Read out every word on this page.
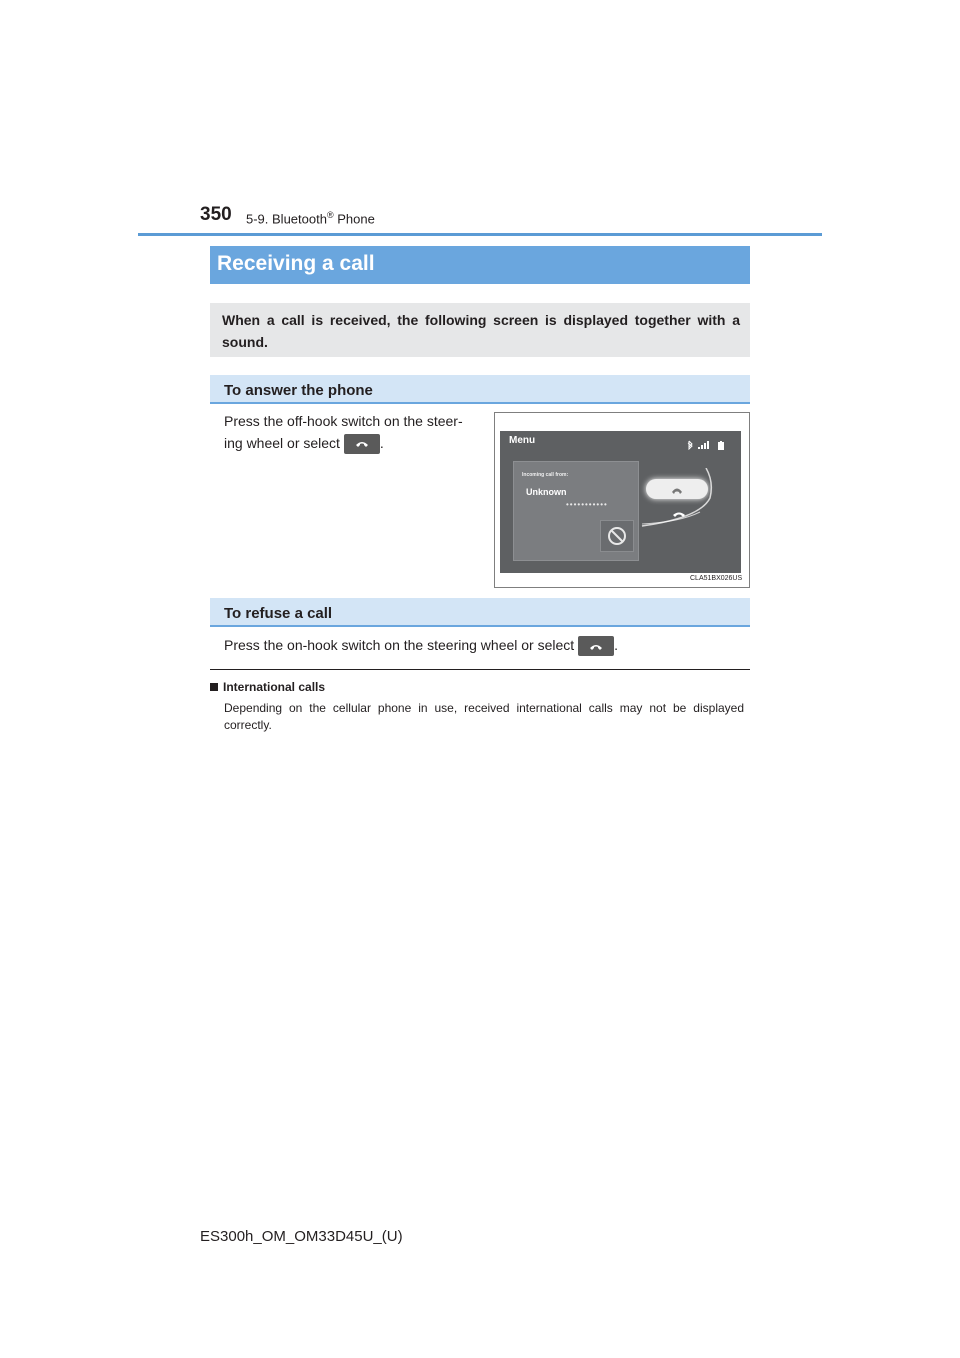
350 5-9. Bluetooth® Phone
Receiving a call
When a call is received, the following screen is displayed together with a sound.
To answer the phone
Press the off-hook switch on the steer-
ing wheel or select	.	Menu
Incoming call from:
Unknown
•••••••••••
CLA51BX026US
To refuse a call
Press the on-hook switch on the steering wheel or select	.
International calls
Depending on the cellular phone in use, received international calls may not be displayed correctly.
ES300h_OM_OM33D45U_(U)
